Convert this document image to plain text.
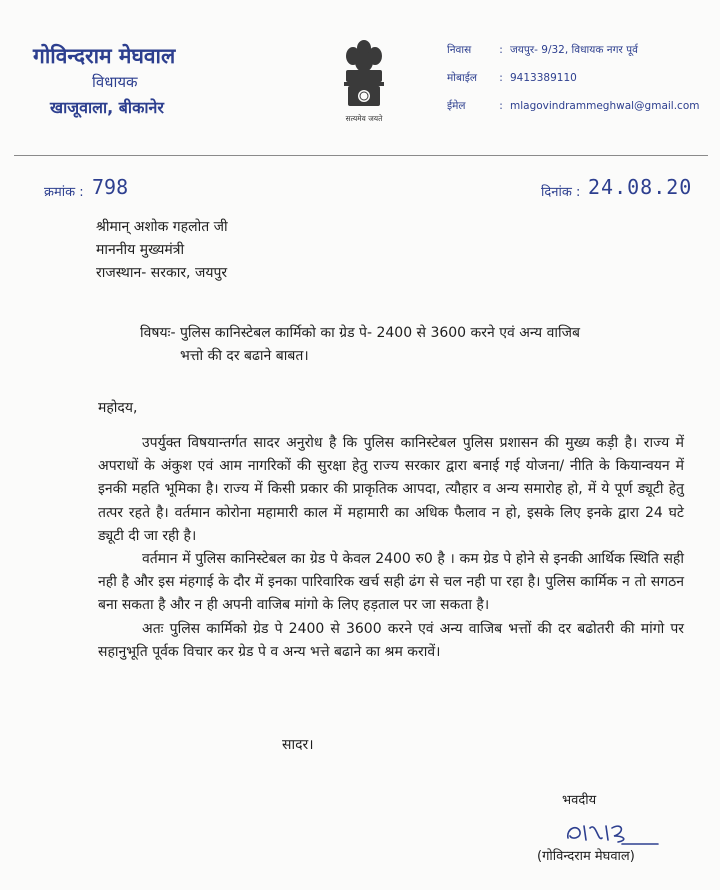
गोविन्दराम मेघवाल
विधायक
खाजूवाला, बीकानेर
सत्यमेव जयते
निवास	: जयपुर- 9/32, विधायक नगर पूर्व
मोबाईल : 9413389110
ईमेल	: mlagovindrammeghwal@gmail.com
क्रमांक : 798	दिनांक : 24.08.20
श्रीमान् अशोक गहलोत जी
माननीय मुख्यमंत्री
राजस्थान- सरकार, जयपुर
विषयः- पुलिस कानिस्टेबल कार्मिको का ग्रेड पे- 2400 से 3600 करने एवं अन्य वाजिब
भत्तो की दर बढाने बाबत।
महोदय,

उपर्युक्त विषयान्तर्गत सादर अनुरोध है कि पुलिस कानिस्टेबल पुलिस प्रशासन की मुख्य कड़ी है। राज्य में अपराधों के अंकुश एवं आम नागरिकों की सुरक्षा हेतु राज्य सरकार द्वारा बनाई गई योजना/ नीति के कियान्वयन में इनकी महति भूमिका है। राज्य में किसी प्रकार की प्राकृतिक आपदा, त्यौहार व अन्य समारोह हो, में ये पूर्ण ड्यूटी हेतु तत्पर रहते है। वर्तमान कोरोना महामारी काल में महामारी का अधिक फैलाव न हो, इसके लिए इनके द्वारा 24 घटे ड्यूटी दी जा रही है।

वर्तमान में पुलिस कानिस्टेबल का ग्रेड पे केवल 2400 रु0 है । कम ग्रेड पे होने से इनकी आर्थिक स्थिति सही नही है और इस मंहगाई के दौर में इनका पारिवारिक खर्च सही ढंग से चल नही पा रहा है। पुलिस कार्मिक न तो सगठन बना सकता है और न ही अपनी वाजिब मांगो के लिए हड़ताल पर जा सकता है।

अतः पुलिस कार्मिको ग्रेड पे 2400 से 3600 करने एवं अन्य वाजिब भत्तों की दर बढोतरी की मांगो पर सहानुभूति पूर्वक विचार कर ग्रेड पे व अन्य भत्ते बढाने का श्रम करावें।

सादर।
भवदीय
(गोविन्दराम मेघवाल)
